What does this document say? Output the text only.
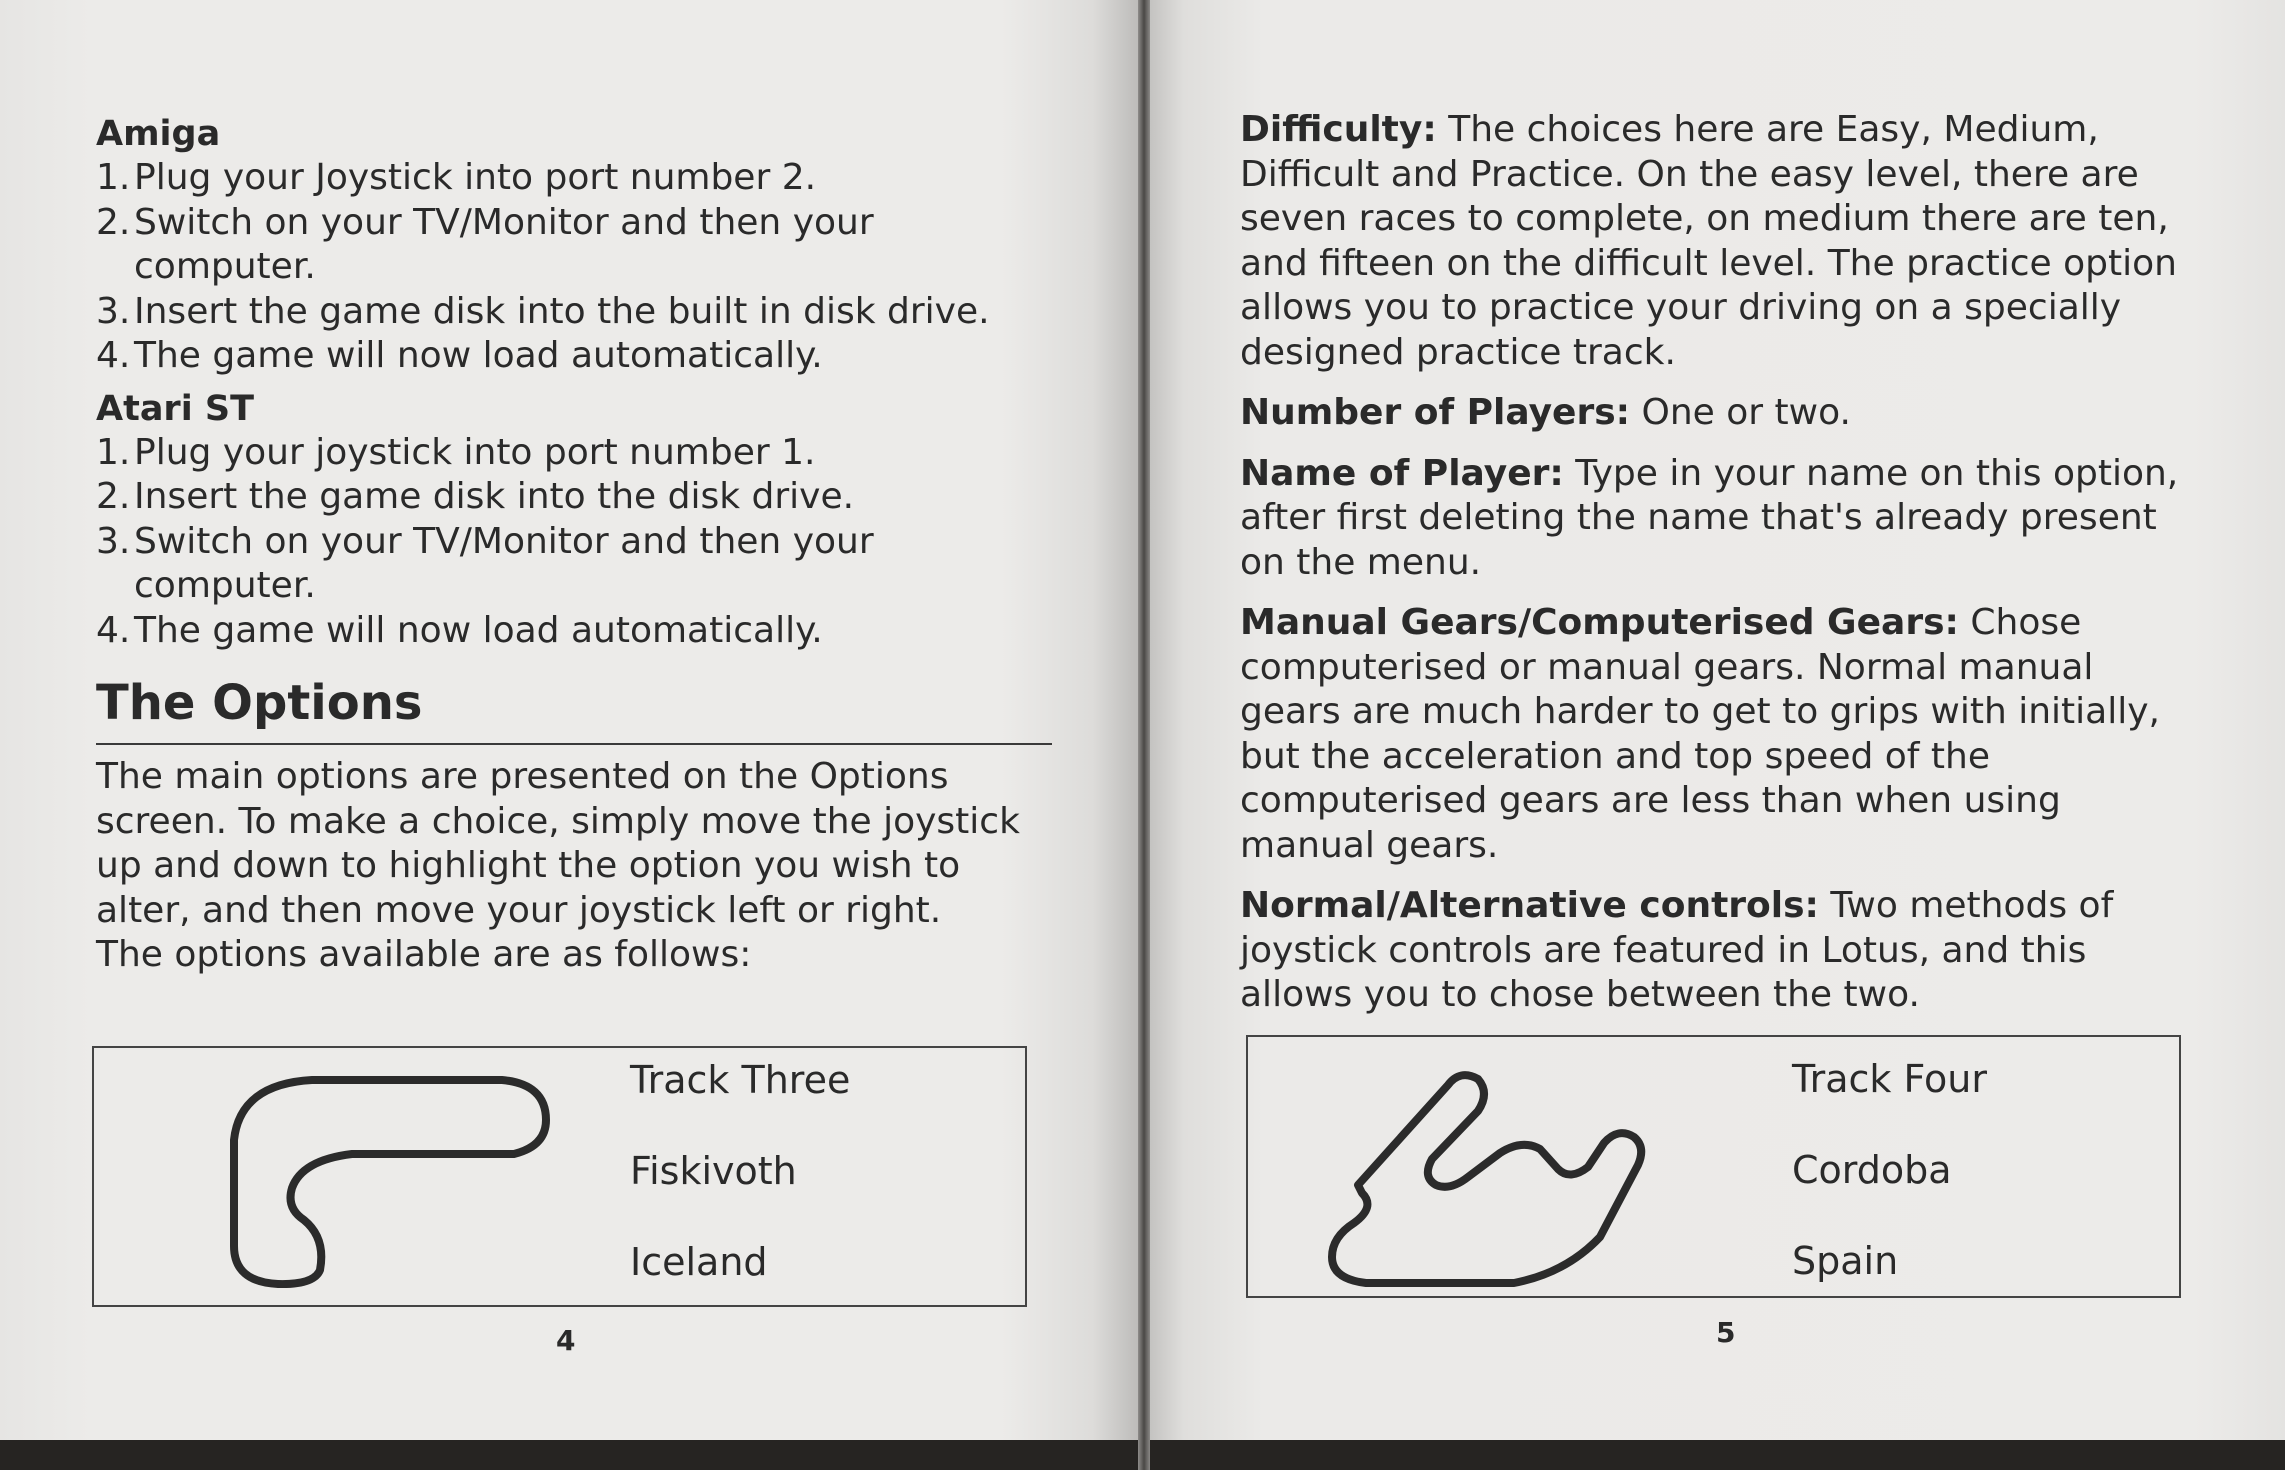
Amiga

1. Plug your Joystick into port number 2.
2. Switch on your TV/Monitor and then your computer.
3. Insert the game disk into the built in disk drive.
4. The game will now load automatically.

Atari ST

1. Plug your joystick into port number 1.
2. Insert the game disk into the disk drive.
3. Switch on your TV/Monitor and then your computer.
4. The game will now load automatically.
The Options

The main options are presented on the Options screen. To make a choice, simply move the joystick up and down to highlight the option you wish to alter, and then move your joystick left or right.

The options available are as follows:

Track Three
Fiskivoth
Iceland
4

Difficulty: The choices here are Easy, Medium, Difficult and Practice. On the easy level, there are seven races to complete, on medium there are ten, and fifteen on the difficult level. The practice option allows you to practice your driving on a specially designed practice track.

Number of Players: One or two.

Name of Player: Type in your name on this option, after first deleting the name that's already present on the menu.

Manual Gears/Computerised Gears: Chose computerised or manual gears. Normal manual gears are much harder to get to grips with initially, but the acceleration and top speed of the computerised gears are less than when using manual gears.

Normal/Alternative controls: Two methods of joystick controls are featured in Lotus, and this allows you to chose between the two.

Track Four
Cordoba
Spain
5
